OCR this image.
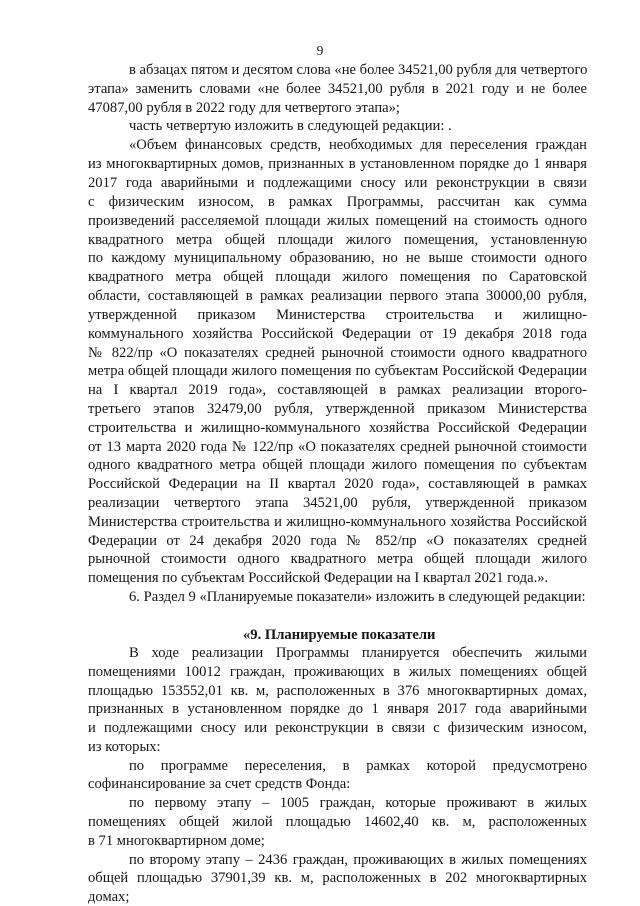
9
в абзацах пятом и десятом слова «не более 34521,00 рубля для четвертого
этапа» заменить словами «не более 34521,00 рубля в 2021 году и не более
47087,00 рубля в 2022 году для четвертого этапа»;
часть четвертую изложить в следующей редакции: .
«Объем финансовых средств, необходимых для переселения граждан
из многоквартирных домов, признанных в установленном порядке до 1 января
2017 года аварийными и подлежащими сносу или реконструкции в связи
с физическим износом, в рамках Программы, рассчитан как сумма
произведений расселяемой площади жилых помещений на стоимость одного
квадратного метра общей площади жилого помещения, установленную
по каждому муниципальному образованию, но не выше стоимости одного
квадратного метра общей площади жилого помещения по Саратовской
области, составляющей в рамках реализации первого этапа 30000,00 рубля,
утвержденной приказом Министерства строительства и жилищно-
коммунального хозяйства Российской Федерации от 19 декабря 2018 года
№ 822/пр «О показателях средней рыночной стоимости одного квадратного
метра общей площади жилого помещения по субъектам Российской Федерации
на I квартал 2019 года», составляющей в рамках реализации второго-
третьего этапов 32479,00 рубля, утвержденной приказом Министерства
строительства и жилищно-коммунального хозяйства Российской Федерации
от 13 марта 2020 года № 122/пр «О показателях средней рыночной стоимости
одного квадратного метра общей площади жилого помещения по субъектам
Российской Федерации на II квартал 2020 года», составляющей в рамках
реализации четвертого этапа 34521,00 рубля, утвержденной приказом
Министерства строительства и жилищно-коммунального хозяйства Российской
Федерации от 24 декабря 2020 года № 852/пр «О показателях средней
рыночной стоимости одного квадратного метра общей площади жилого
помещения по субъектам Российской Федерации на I квартал 2021 года.».
6. Раздел 9 «Планируемые показатели» изложить в следующей редакции:
«9. Планируемые показатели
В ходе реализации Программы планируется обеспечить жилыми
помещениями 10012 граждан, проживающих в жилых помещениях общей
площадью 153552,01 кв. м, расположенных в 376 многоквартирных домах,
признанных в установленном порядке до 1 января 2017 года аварийными
и подлежащими сносу или реконструкции в связи с физическим износом,
из которых:
по программе переселения, в рамках которой предусмотрено
софинансирование за счет средств Фонда:
по первому этапу – 1005 граждан, которые проживают в жилых
помещениях общей жилой площадью 14602,40 кв. м, расположенных
в 71 многоквартирном доме;
по второму этапу – 2436 граждан, проживающих в жилых помещениях
общей площадью 37901,39 кв. м, расположенных в 202 многоквартирных
домах;
